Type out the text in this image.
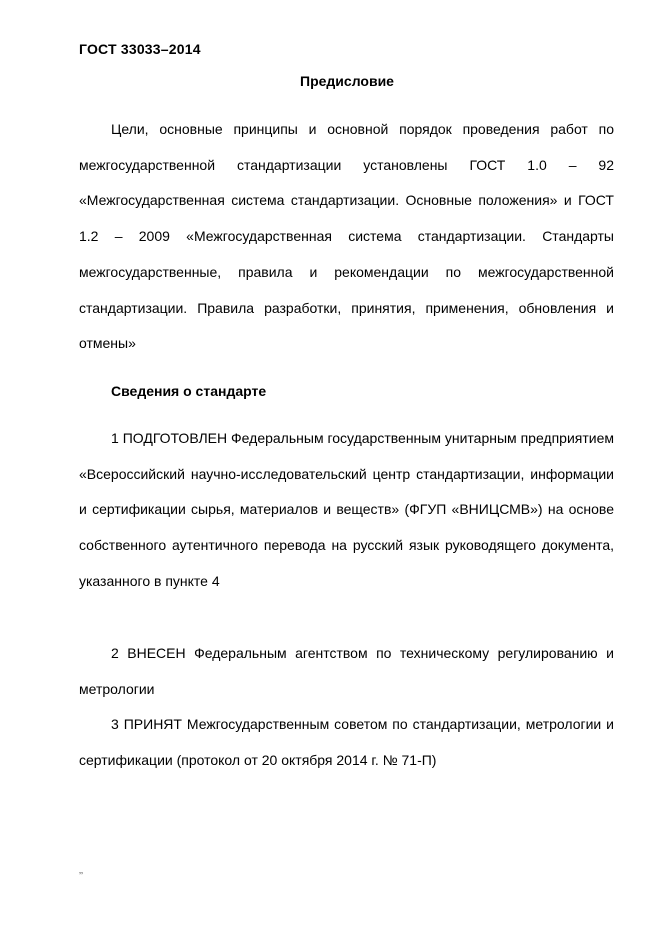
ГОСТ 33033–2014
Предисловие

Цели, основные принципы и основной порядок проведения работ по межгосударственной стандартизации установлены ГОСТ 1.0 – 92 «Межгосударственная система стандартизации. Основные положения» и ГОСТ 1.2 – 2009 «Межгосударственная система стандартизации. Стандарты межгосударственные, правила и рекомендации по межгосударственной стандартизации. Правила разработки, принятия, применения, обновления и отмены»

Сведения о стандарте

1 ПОДГОТОВЛЕН Федеральным государственным унитарным предприятием «Всероссийский научно-исследовательский центр стандартизации, информации и сертификации сырья, материалов и веществ» (ФГУП «ВНИЦСМВ») на основе собственного аутентичного перевода на русский язык руководящего документа, указанного в пункте 4

2 ВНЕСЕН Федеральным агентством по техническому регулированию и метрологии

3 ПРИНЯТ Межгосударственным советом по стандартизации, метрологии и сертификации (протокол от 20 октября 2014 г. № 71-П)

‚‚
